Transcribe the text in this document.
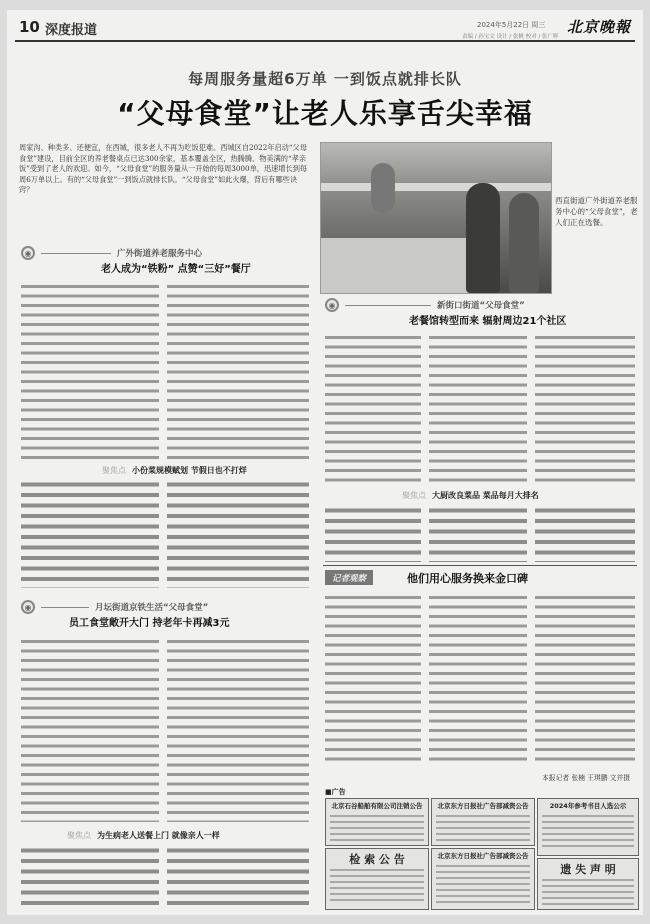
10 深度报道	2024年5月22日 周三
责编 / 孙宝文 设计 / 张帆 校对 / 张广晖
北京晚報
每周服务量超6万单 一到饭点就排长队
“父母食堂”让老人乐享舌尖幸福
周家沟、种类多、还便宜，在西城，很多老人不再为吃饭犯难。西城区自2022年启动“父母食堂”建设，目前全区的养老餐桌点已达300余家，基本覆盖全区，热腾腾、物美满的“孝亲饭”受到了老人的欢迎。如今，“父母食堂”的服务量从一开始的每周3000单，迅速增长到每周6万单以上。有的“父母食堂”一到饭点就排长队。“父母食堂”如此火爆，背后有哪些诀窍？
西直街道广外街道养老服务中心的“父母食堂”，老人们正在选餐。
◉	广外街道养老服务中心
老人成为“铁粉” 点赞“三好”餐厅
聚焦点 小份菜规模赋划 节假日也不打烊
◉	月坛街道京铁生活“父母食堂”
员工食堂敞开大门 持老年卡再减3元
聚焦点 为生病老人送餐上门 就像亲人一样
◉	新街口街道“父母食堂”
老餐馆转型而来 辐射周边21个社区
聚焦点 大厨改良菜品 菜品每月大排名
记者观察	他们用心服务换来金口碑
本报记者 张楠 王琪鹏 文并摄
■广告
北京石谷船舶有限公司注销公告	北京东方日报社广告部减资公告	2024年参考书目人选公示
检 索 公 告	北京东方日报社广告部减资公告
遗 失 声 明
